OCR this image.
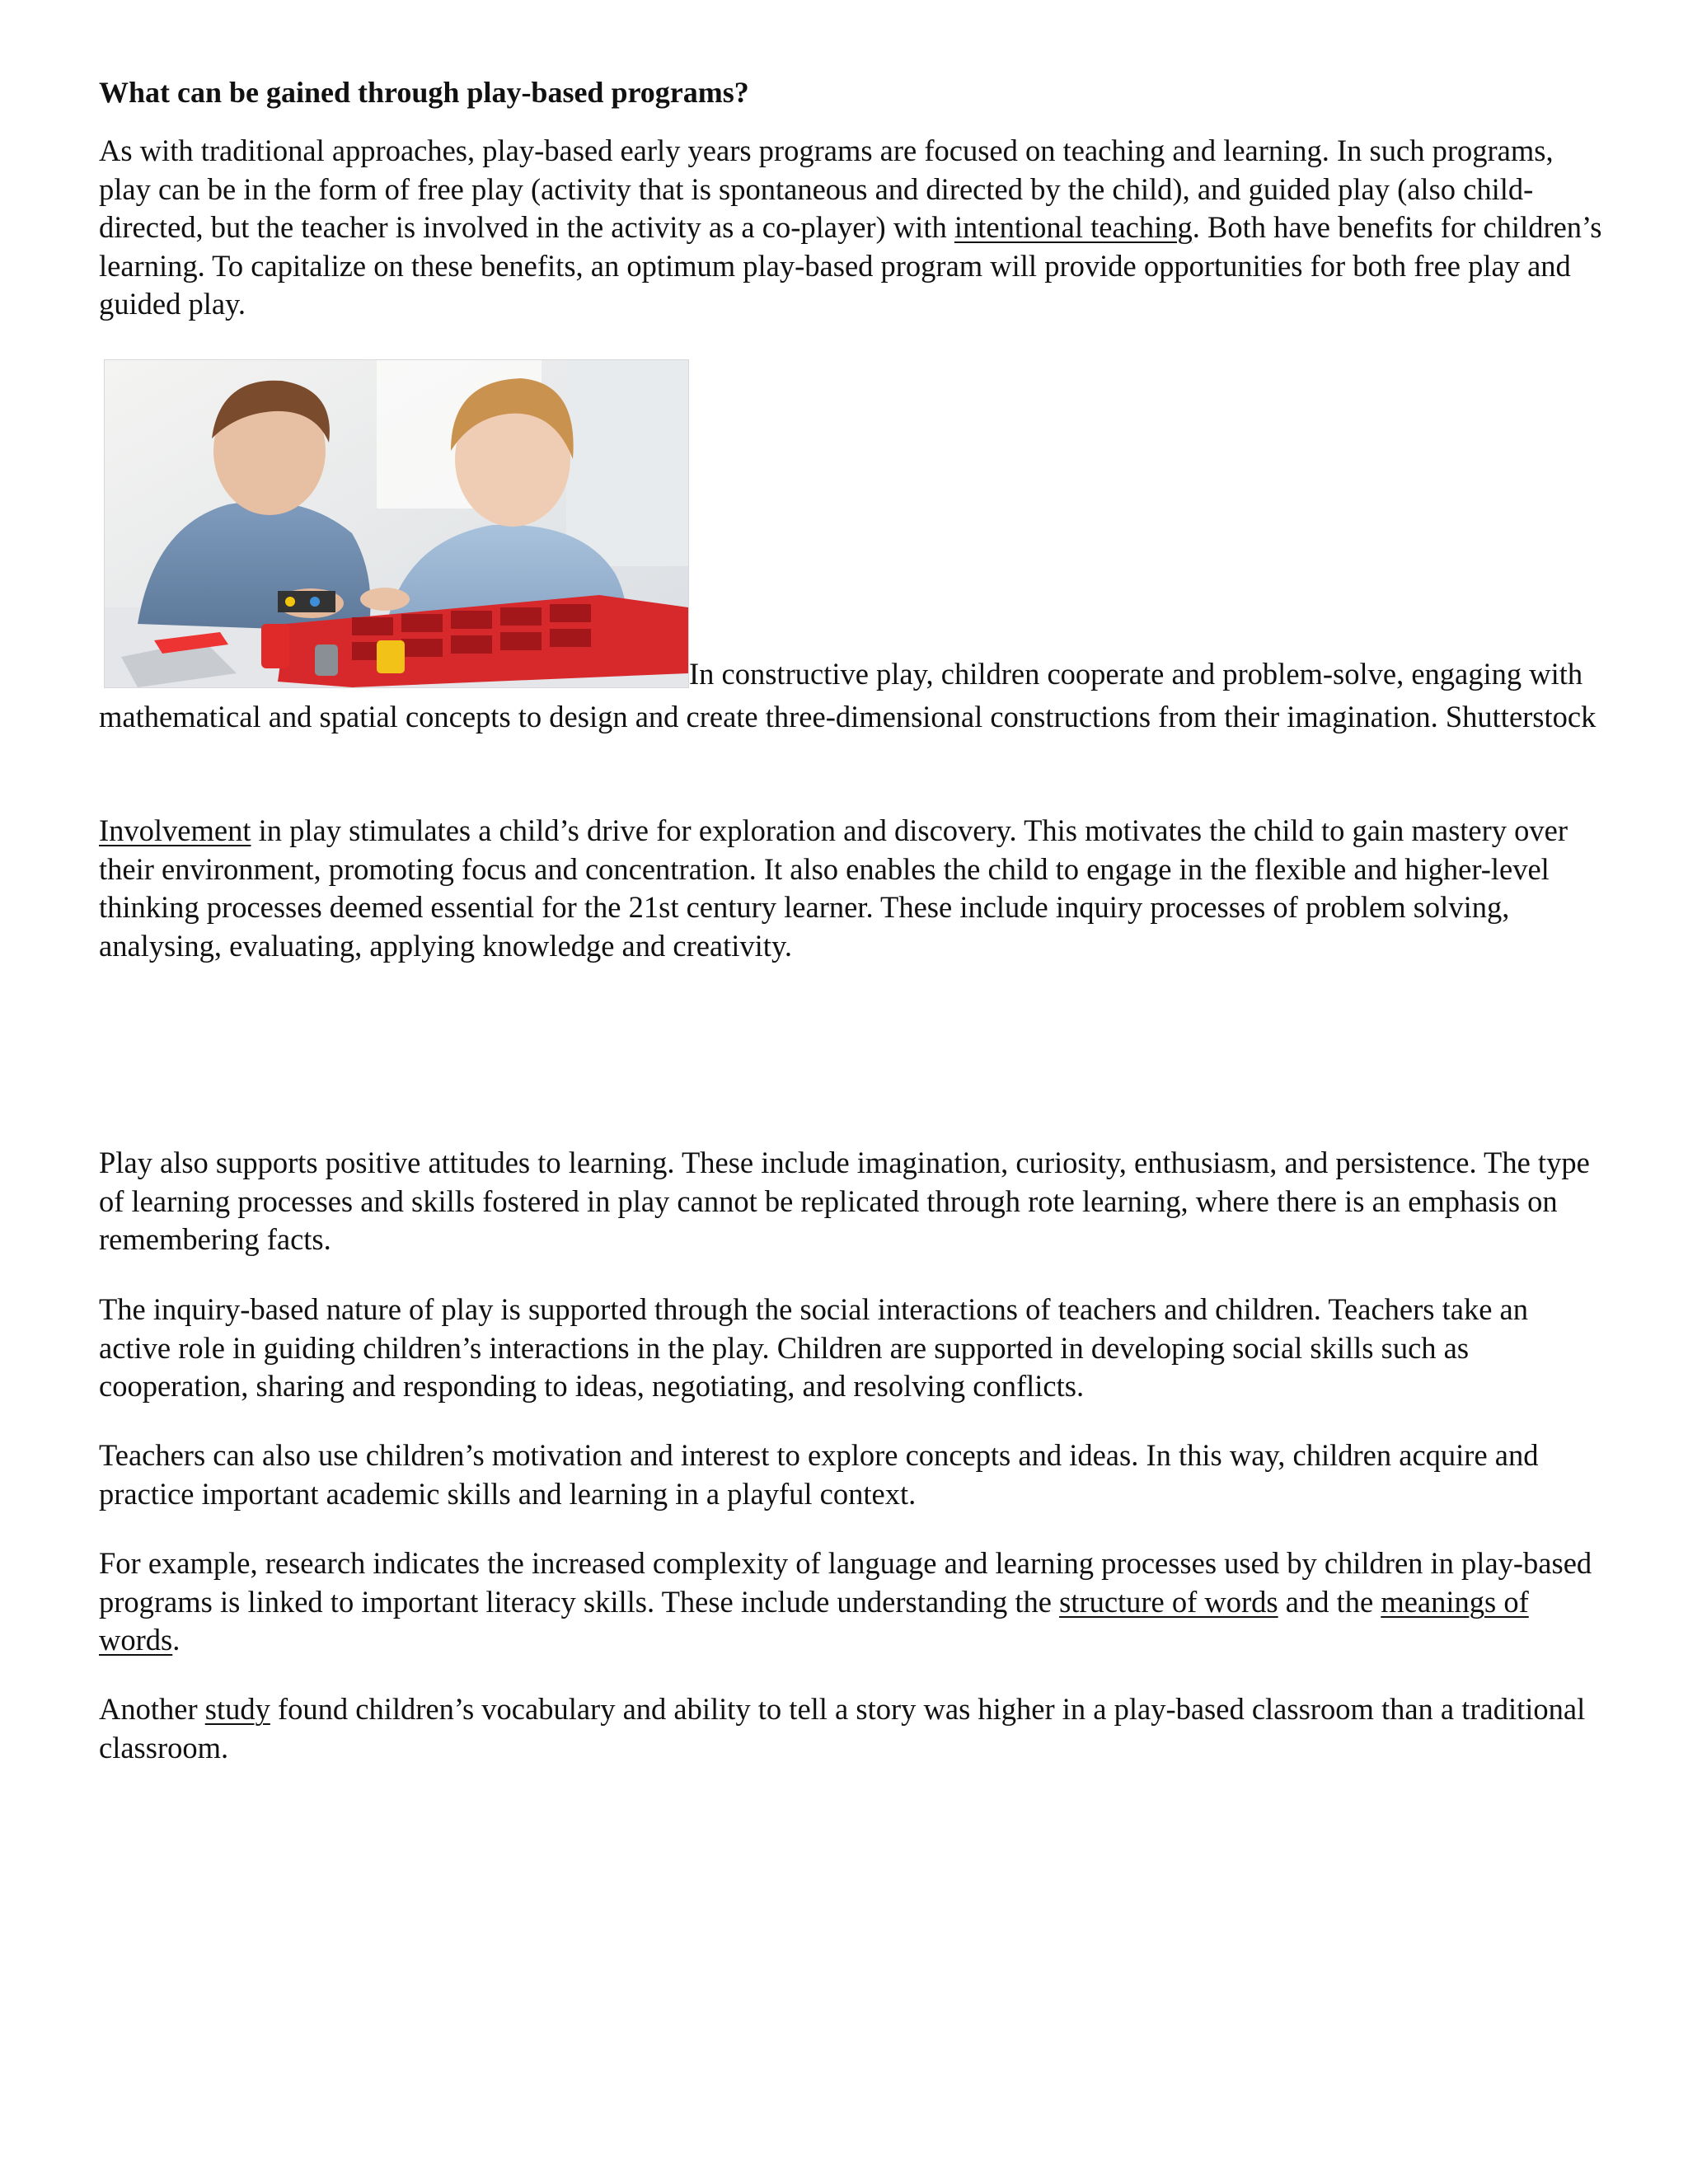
What can be gained through play-based programs?

As with traditional approaches, play-based early years programs are focused on teaching and learning. In such programs, play can be in the form of free play (activity that is spontaneous and directed by the child), and guided play (also child-directed, but the teacher is involved in the activity as a co-player) with intentional teaching. Both have benefits for children’s learning. To capitalize on these benefits, an optimum play-based program will provide opportunities for both free play and guided play.

In constructive play, children cooperate and problem-solve, engaging with mathematical and spatial concepts to design and create three-dimensional constructions from their imagination. Shutterstock

Involvement in play stimulates a child’s drive for exploration and discovery. This motivates the child to gain mastery over their environment, promoting focus and concentration. It also enables the child to engage in the flexible and higher-level thinking processes deemed essential for the 21st century learner. These include inquiry processes of problem solving, analysing, evaluating, applying knowledge and creativity.

Play also supports positive attitudes to learning. These include imagination, curiosity, enthusiasm, and persistence. The type of learning processes and skills fostered in play cannot be replicated through rote learning, where there is an emphasis on remembering facts.

The inquiry-based nature of play is supported through the social interactions of teachers and children. Teachers take an active role in guiding children’s interactions in the play. Children are supported in developing social skills such as cooperation, sharing and responding to ideas, negotiating, and resolving conflicts.

Teachers can also use children’s motivation and interest to explore concepts and ideas. In this way, children acquire and practice important academic skills and learning in a playful context.

For example, research indicates the increased complexity of language and learning processes used by children in play-based programs is linked to important literacy skills. These include understanding the structure of words and the meanings of words.

Another study found children’s vocabulary and ability to tell a story was higher in a play-based classroom than a traditional classroom.
